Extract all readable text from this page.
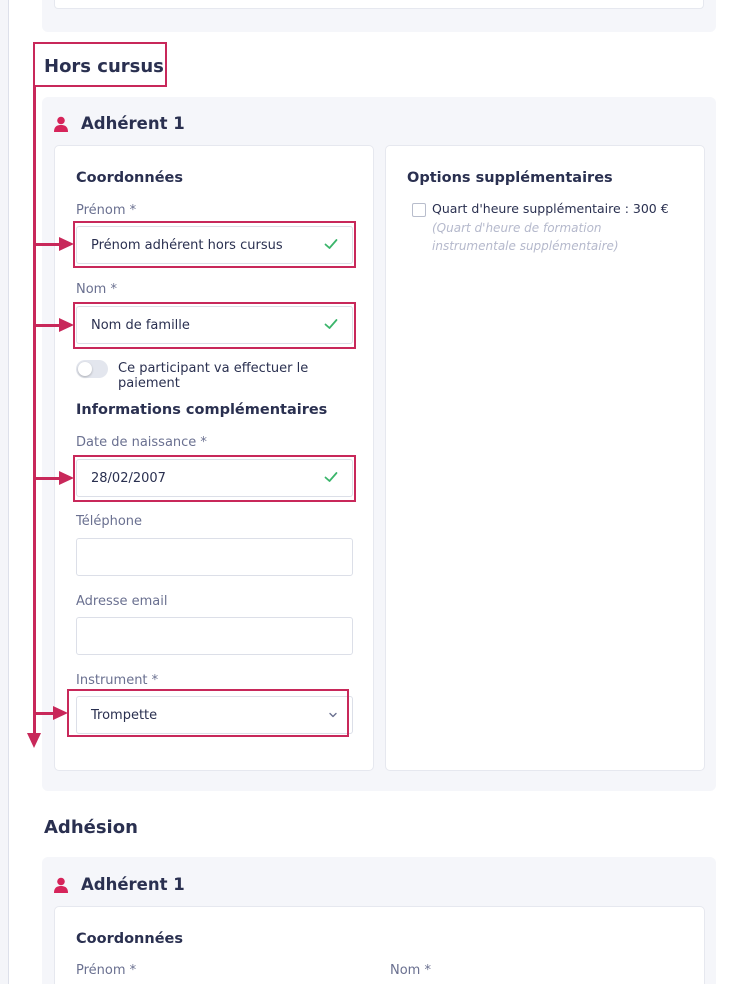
Hors cursus
Adhérent 1
Coordonnées
Prénom *
Prénom adhérent hors cursus
Nom *
Nom de famille
Ce participant va effectuer le paiement
Informations complémentaires
Date de naissance *
28/02/2007
Téléphone
Adresse email
Instrument *
Trompette
Options supplémentaires
Quart d'heure supplémentaire : 300 €
(Quart d'heure de formation instrumentale supplémentaire)
Adhésion
Adhérent 1
Coordonnées
Prénom *	Nom *
